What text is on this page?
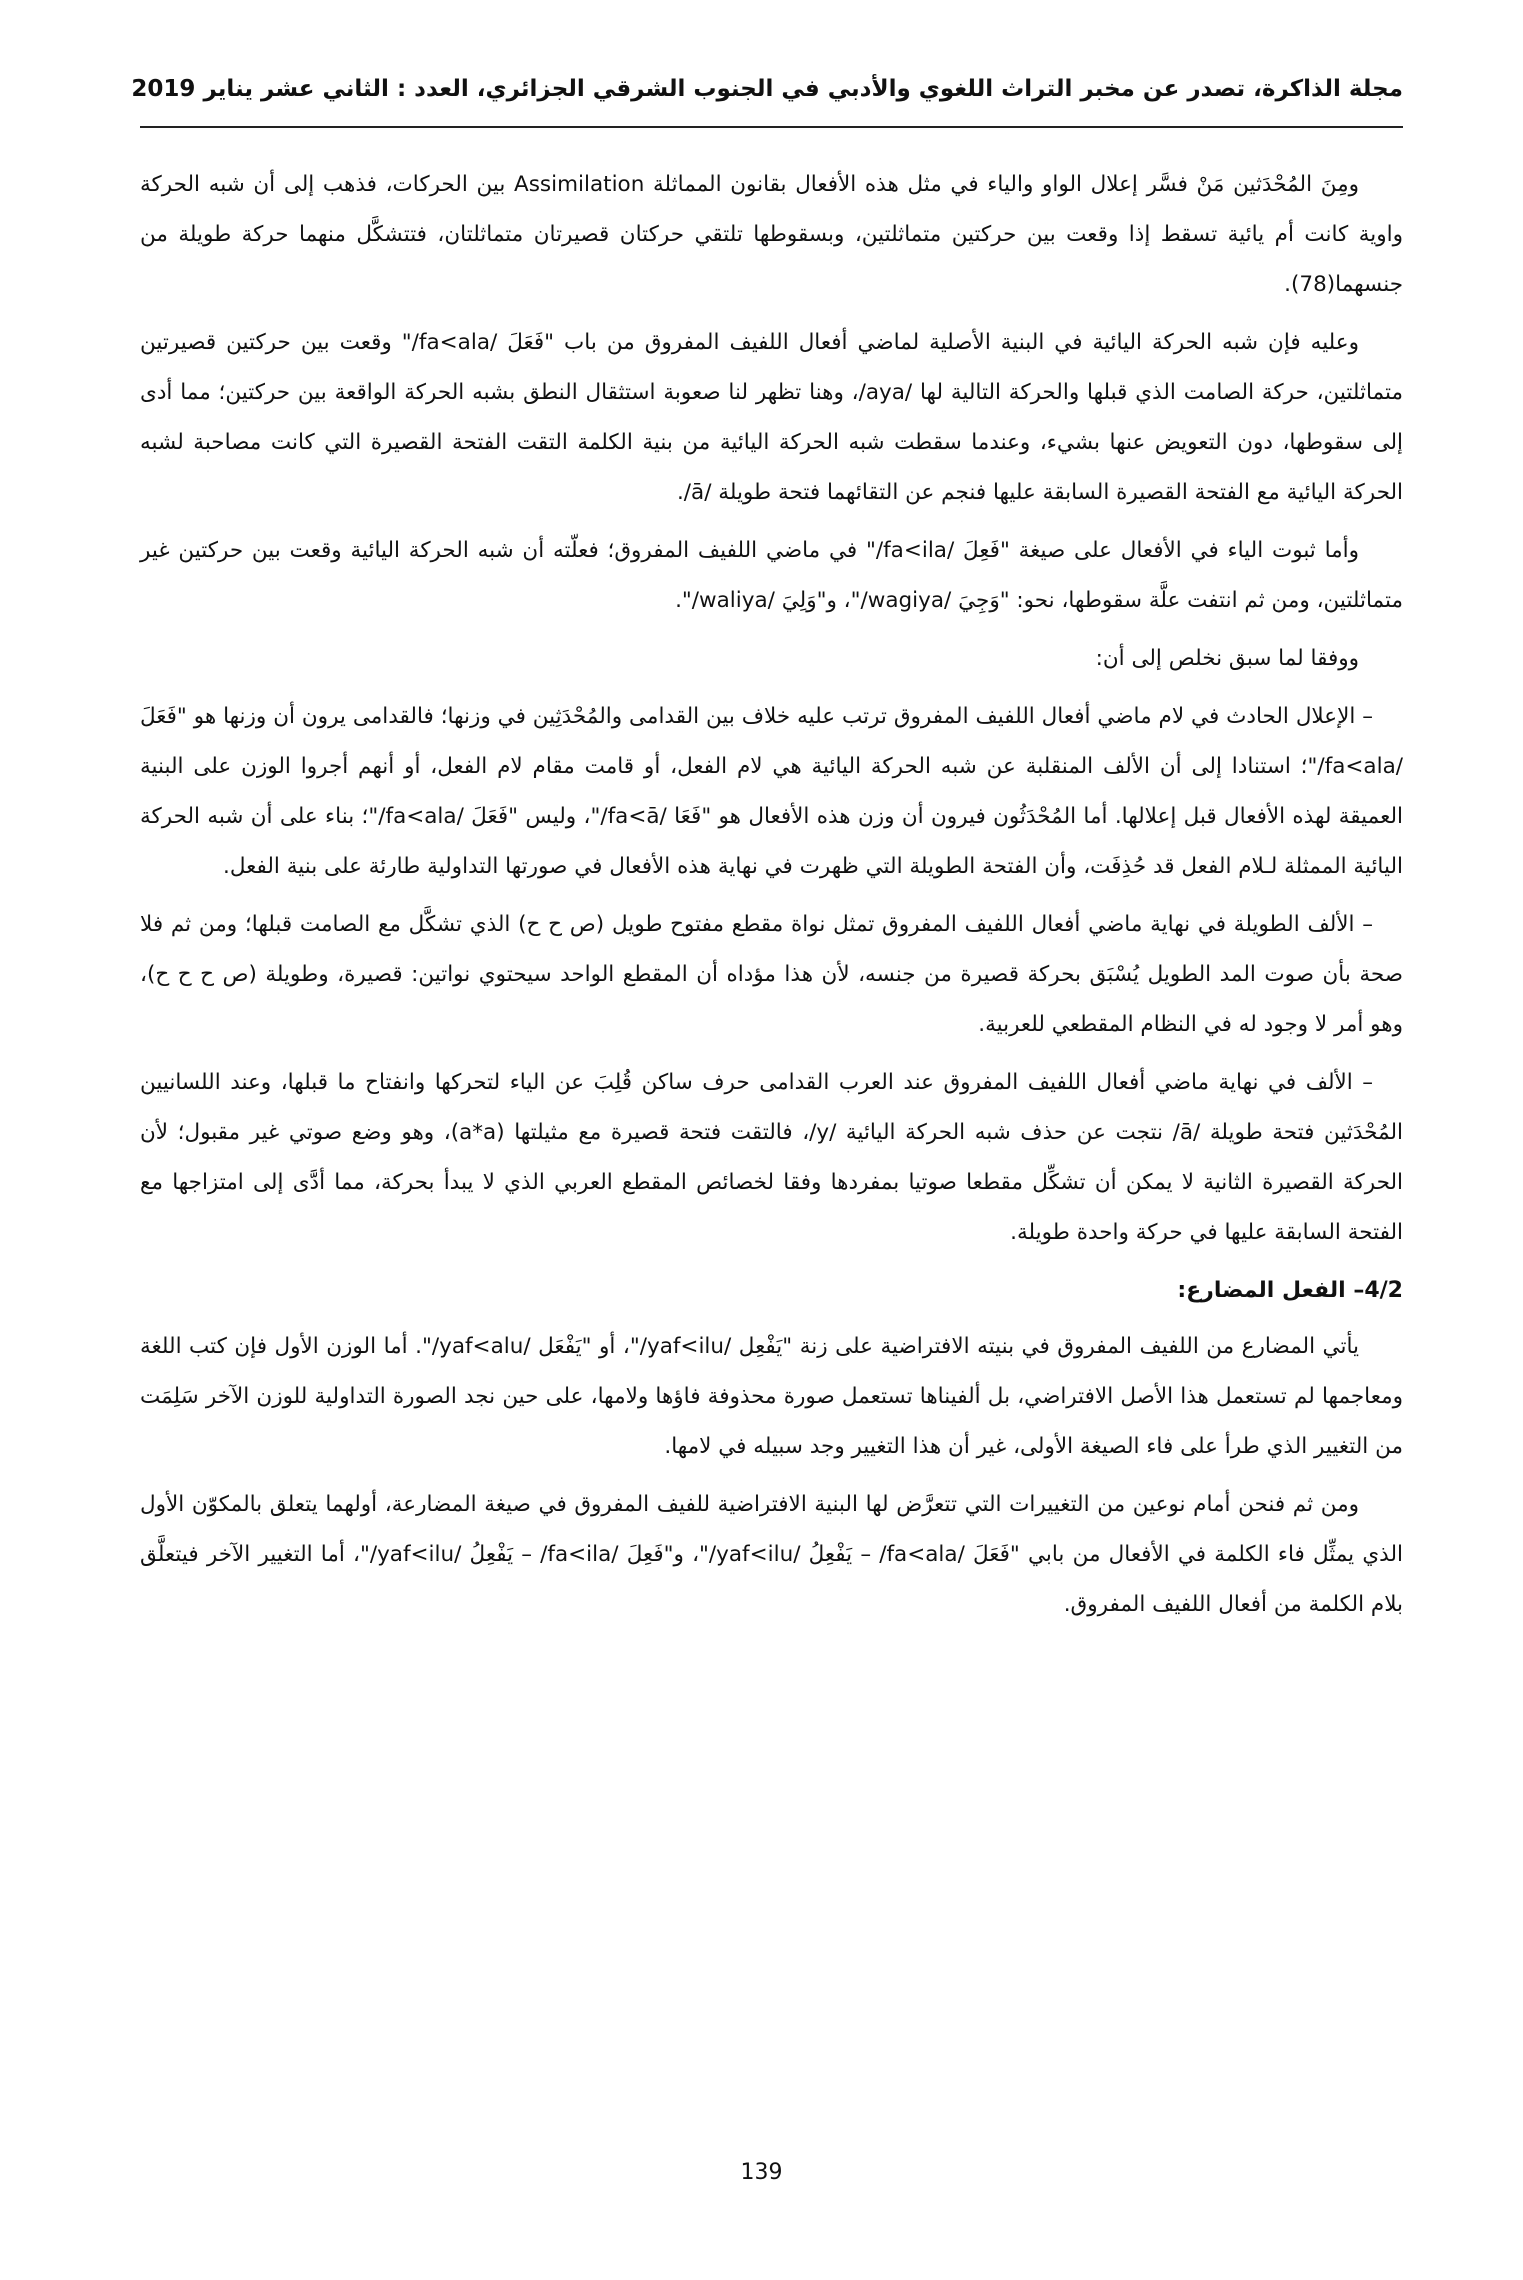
مجلة الذاكرة، تصدر عن مخبر التراث اللغوي والأدبي في الجنوب الشرقي الجزائري، العدد : الثاني عشر يناير 2019

ومِنَ المُحْدَثين مَنْ فسَّر إعلال الواو والياء في مثل هذه الأفعال بقانون المماثلة Assimilation بين الحركات، فذهب إلى أن شبه الحركة واوية كانت أم يائية تسقط إذا وقعت بين حركتين متماثلتين، وبسقوطها تلتقي حركتان قصيرتان متماثلتان، فتتشكَّل منهما حركة طويلة من جنسهما(78).

وعليه فإن شبه الحركة اليائية في البنية الأصلية لماضي أفعال اللفيف المفروق من باب "فَعَلَ /fa<ala/" وقعت بين حركتين قصيرتين متماثلتين، حركة الصامت الذي قبلها والحركة التالية لها /aya/، وهنا تظهر لنا صعوبة استثقال النطق بشبه الحركة الواقعة بين حركتين؛ مما أدى إلى سقوطها، دون التعويض عنها بشيء، وعندما سقطت شبه الحركة اليائية من بنية الكلمة التقت الفتحة القصيرة التي كانت مصاحبة لشبه الحركة اليائية مع الفتحة القصيرة السابقة عليها فنجم عن التقائهما فتحة طويلة /ā/.

وأما ثبوت الياء في الأفعال على صيغة "فَعِلَ /fa<ila/" في ماضي اللفيف المفروق؛ فعلّته أن شبه الحركة اليائية وقعت بين حركتين غير متماثلتين، ومن ثم انتفت علَّة سقوطها، نحو: "وَجِيَ /wagiya/"، و"وَلِيَ /waliya/".

ووفقا لما سبق نخلص إلى أن:

– الإعلال الحادث في لام ماضي أفعال اللفيف المفروق ترتب عليه خلاف بين القدامى والمُحْدَثِين في وزنها؛ فالقدامى يرون أن وزنها هو "فَعَلَ /fa<ala/"؛ استنادا إلى أن الألف المنقلبة عن شبه الحركة اليائية هي لام الفعل، أو قامت مقام لام الفعل، أو أنهم أجروا الوزن على البنية العميقة لهذه الأفعال قبل إعلالها. أما المُحْدَثُون فيرون أن وزن هذه الأفعال هو "فَعَا /fa<ā/"، وليس "فَعَلَ /fa<ala/"؛ بناء على أن شبه الحركة اليائية الممثلة لـلام الفعل قد حُذِفَت، وأن الفتحة الطويلة التي ظهرت في نهاية هذه الأفعال في صورتها التداولية طارئة على بنية الفعل.

– الألف الطويلة في نهاية ماضي أفعال اللفيف المفروق تمثل نواة مقطع مفتوح طويل (ص ح ح) الذي تشكَّل مع الصامت قبلها؛ ومن ثم فلا صحة بأن صوت المد الطويل يُسْبَق بحركة قصيرة من جنسه، لأن هذا مؤداه أن المقطع الواحد سيحتوي نواتين: قصيرة، وطويلة (ص ح ح ح)، وهو أمر لا وجود له في النظام المقطعي للعربية.

– الألف في نهاية ماضي أفعال اللفيف المفروق عند العرب القدامى حرف ساكن قُلِبَ عن الياء لتحركها وانفتاح ما قبلها، وعند اللسانيين المُحْدَثين فتحة طويلة /ā/ نتجت عن حذف شبه الحركة اليائية /y/، فالتقت فتحة قصيرة مع مثيلتها (a*a)، وهو وضع صوتي غير مقبول؛ لأن الحركة القصيرة الثانية لا يمكن أن تشكِّل مقطعا صوتيا بمفردها وفقا لخصائص المقطع العربي الذي لا يبدأ بحركة، مما أدَّى إلى امتزاجها مع الفتحة السابقة عليها في حركة واحدة طويلة.

4/2– الفعل المضارع:

يأتي المضارع من اللفيف المفروق في بنيته الافتراضية على زنة "يَفْعِل /yaf<ilu/"، أو "يَفْعَل /yaf<alu/". أما الوزن الأول فإن كتب اللغة ومعاجمها لم تستعمل هذا الأصل الافتراضي، بل ألفيناها تستعمل صورة محذوفة فاؤها ولامها، على حين نجد الصورة التداولية للوزن الآخر سَلِمَت من التغيير الذي طرأ على فاء الصيغة الأولى، غير أن هذا التغيير وجد سبيله في لامها.

ومن ثم فنحن أمام نوعين من التغييرات التي تتعرَّض لها البنية الافتراضية للفيف المفروق في صيغة المضارعة، أولهما يتعلق بالمكوّن الأول الذي يمثِّل فاء الكلمة في الأفعال من بابي "فَعَلَ /fa<ala/ – يَفْعِلُ /yaf<ilu/"، و"فَعِلَ /fa<ila/ – يَفْعِلُ /yaf<ilu/"، أما التغيير الآخر فيتعلَّق بلام الكلمة من أفعال اللفيف المفروق.

139
